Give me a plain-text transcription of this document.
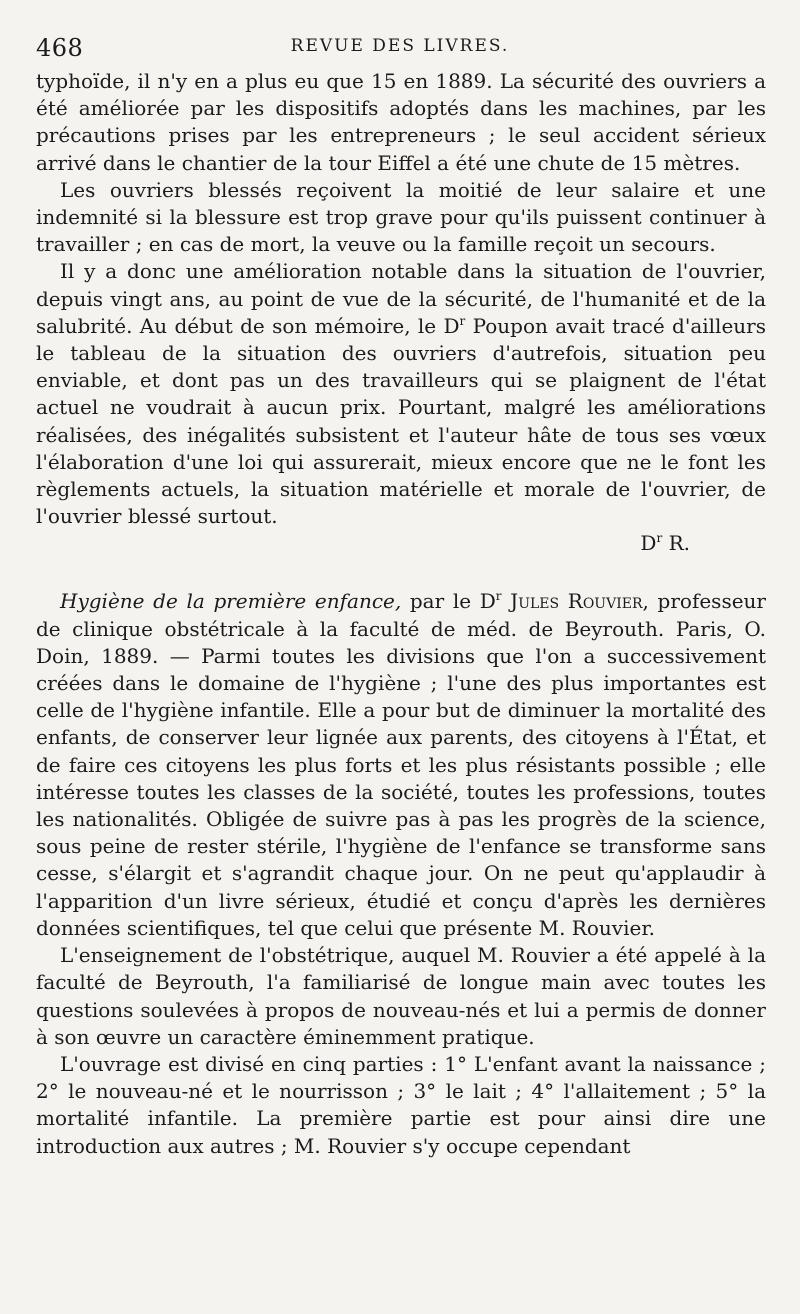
468	REVUE DES LIVRES.

typhoïde, il n'y en a plus eu que 15 en 1889. La sécurité des ouvriers a été améliorée par les dispositifs adoptés dans les machines, par les précautions prises par les entrepreneurs ; le seul accident sérieux arrivé dans le chantier de la tour Eiffel a été une chute de 15 mètres.

Les ouvriers blessés reçoivent la moitié de leur salaire et une indemnité si la blessure est trop grave pour qu'ils puissent continuer à travailler ; en cas de mort, la veuve ou la famille reçoit un secours.

Il y a donc une amélioration notable dans la situation de l'ouvrier, depuis vingt ans, au point de vue de la sécurité, de l'humanité et de la salubrité. Au début de son mémoire, le $D^r$ Poupon avait tracé d'ailleurs le tableau de la situation des ouvriers d'autrefois, situation peu enviable, et dont pas un des travailleurs qui se plaignent de l'état actuel ne voudrait à aucun prix. Pourtant, malgré les améliorations réalisées, des inégalités subsistent et l'auteur hâte de tous ses vœux l'élaboration d'une loi qui assurerait, mieux encore que ne le font les règlements actuels, la situation matérielle et morale de l'ouvrier, de l'ouvrier blessé surtout.

$D^r$ R.

Hygiène de la première enfance, par le $D^r$ Jules Rouvier, professeur de clinique obstétricale à la faculté de méd. de Beyrouth. Paris, O. Doin, 1889. — Parmi toutes les divisions que l'on a successivement créées dans le domaine de l'hygiène ; l'une des plus importantes est celle de l'hygiène infantile. Elle a pour but de diminuer la mortalité des enfants, de conserver leur lignée aux parents, des citoyens à l'État, et de faire ces citoyens les plus forts et les plus résistants possible ; elle intéresse toutes les classes de la société, toutes les professions, toutes les nationalités. Obligée de suivre pas à pas les progrès de la science, sous peine de rester stérile, l'hygiène de l'enfance se transforme sans cesse, s'élargit et s'agrandit chaque jour. On ne peut qu'applaudir à l'apparition d'un livre sérieux, étudié et conçu d'après les dernières données scientifiques, tel que celui que présente M. Rouvier.

L'enseignement de l'obstétrique, auquel M. Rouvier a été appelé à la faculté de Beyrouth, l'a familiarisé de longue main avec toutes les questions soulevées à propos de nouveau-nés et lui a permis de donner à son œuvre un caractère éminemment pratique.

L'ouvrage est divisé en cinq parties : 1° L'enfant avant la naissance ; 2° le nouveau-né et le nourrisson ; 3° le lait ; 4° l'allaitement ; 5° la mortalité infantile. La première partie est pour ainsi dire une introduction aux autres ; M. Rouvier s'y occupe cependant
